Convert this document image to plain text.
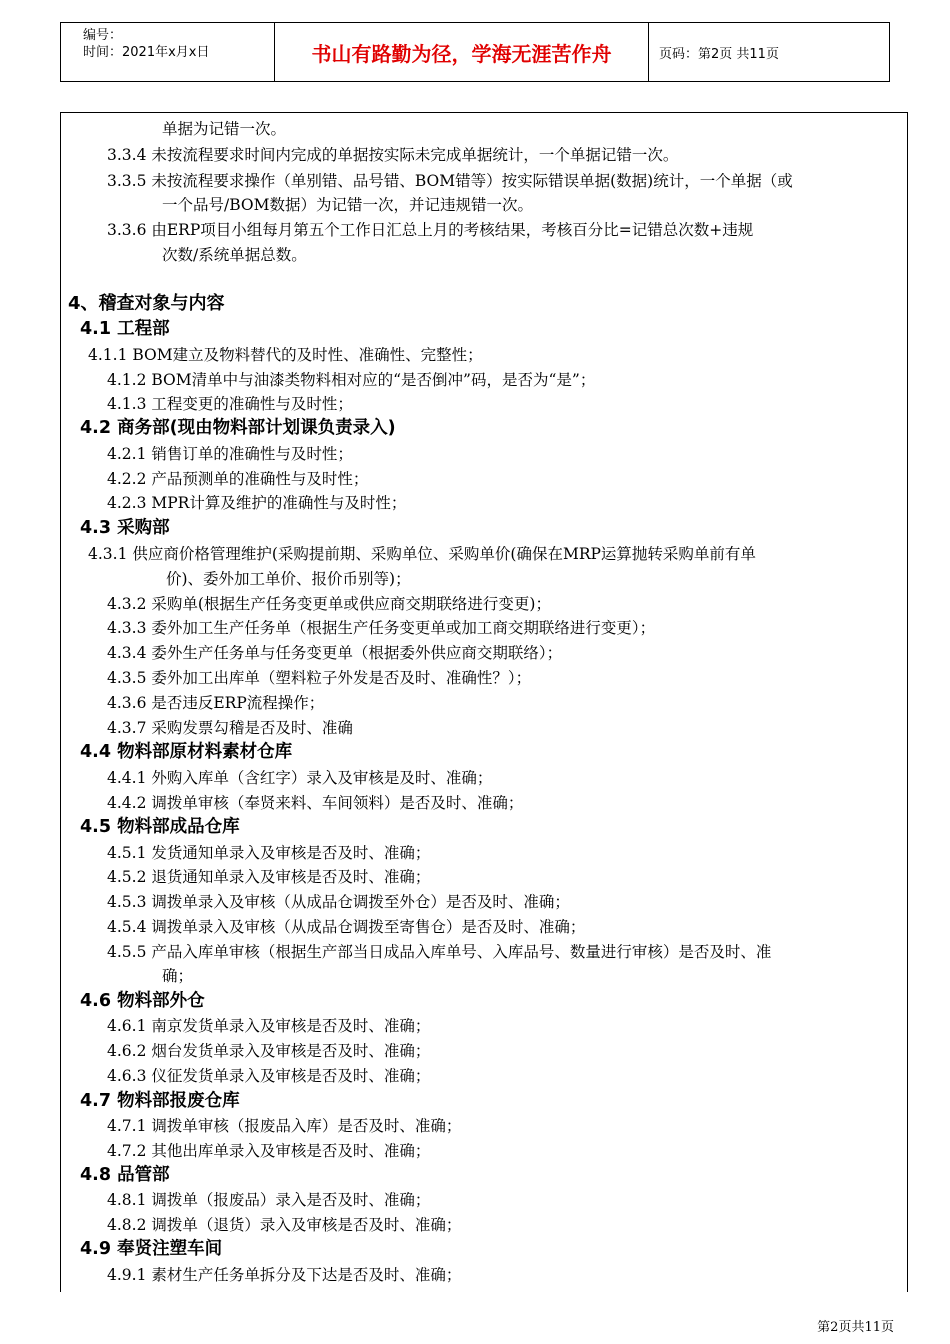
编号：
时间：2021年x月x日	书山有路勤为径，学海无涯苦作舟	页码：第2页 共11页
单据为记错一次。
3.3.4 未按流程要求时间内完成的单据按实际未完成单据统计，一个单据记错一次。
3.3.5 未按流程要求操作（单别错、品号错、BOM错等）按实际错误单据(数据)统计，一个单据（或
一个品号/BOM数据）为记错一次，并记违规错一次。
3.3.6 由ERP项目小组每月第五个工作日汇总上月的考核结果，考核百分比=记错总次数+违规
次数/系统单据总数。
4、稽查对象与内容
4.1 工程部
4.1.1 BOM建立及物料替代的及时性、准确性、完整性；
4.1.2 BOM清单中与油漆类物料相对应的“是否倒冲”码，是否为“是”；
4.1.3 工程变更的准确性与及时性；
4.2 商务部(现由物料部计划课负责录入)
4.2.1 销售订单的准确性与及时性；
4.2.2 产品预测单的准确性与及时性；
4.2.3 MPR计算及维护的准确性与及时性；
4.3 采购部
4.3.1 供应商价格管理维护(采购提前期、采购单位、采购单价(确保在MRP运算抛转采购单前有单
价)、委外加工单价、报价币别等)；
4.3.2 采购单(根据生产任务变更单或供应商交期联络进行变更)；
4.3.3 委外加工生产任务单（根据生产任务变更单或加工商交期联络进行变更）；
4.3.4 委外生产任务单与任务变更单（根据委外供应商交期联络）；
4.3.5 委外加工出库单（塑料粒子外发是否及时、准确性？）；
4.3.6 是否违反ERP流程操作；
4.3.7 采购发票勾稽是否及时、准确
4.4 物料部原材料素材仓库
4.4.1 外购入库单（含红字）录入及审核是及时、准确；
4.4.2 调拨单审核（奉贤来料、车间领料）是否及时、准确；
4.5 物料部成品仓库
4.5.1 发货通知单录入及审核是否及时、准确；
4.5.2 退货通知单录入及审核是否及时、准确；
4.5.3 调拨单录入及审核（从成品仓调拨至外仓）是否及时、准确；
4.5.4 调拨单录入及审核（从成品仓调拨至寄售仓）是否及时、准确；
4.5.5 产品入库单审核（根据生产部当日成品入库单号、入库品号、数量进行审核）是否及时、准
确；
4.6 物料部外仓
4.6.1 南京发货单录入及审核是否及时、准确；
4.6.2 烟台发货单录入及审核是否及时、准确；
4.6.3 仪征发货单录入及审核是否及时、准确；
4.7 物料部报废仓库
4.7.1 调拨单审核（报废品入库）是否及时、准确；
4.7.2 其他出库单录入及审核是否及时、准确；
4.8 品管部
4.8.1 调拨单（报废品）录入是否及时、准确；
4.8.2 调拨单（退货）录入及审核是否及时、准确；
4.9 奉贤注塑车间
4.9.1 素材生产任务单拆分及下达是否及时、准确；
第2页共11页
